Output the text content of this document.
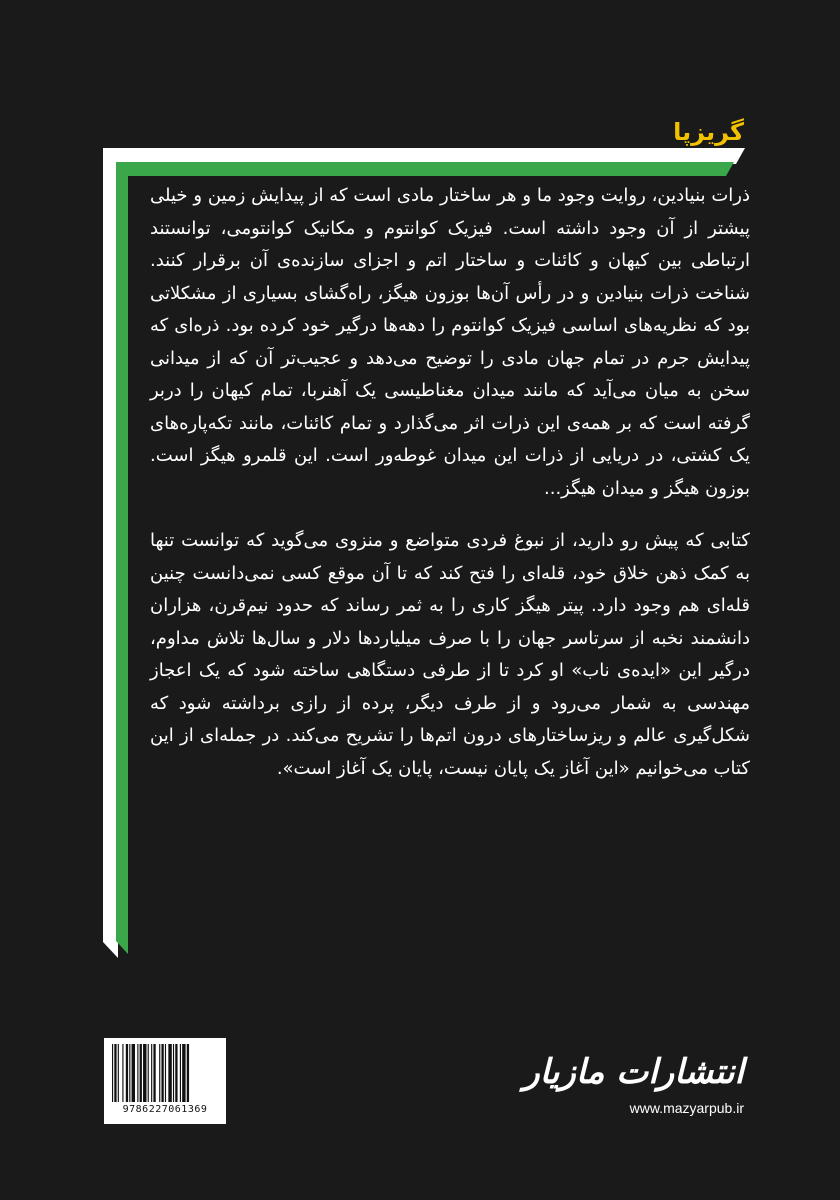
گریزپا

ذرات بنیادین، روایت وجود ما و هر ساختار مادی است که از پیدایش زمین و خیلی پیشتر از آن وجود داشته است. فیزیک کوانتوم و مکانیک کوانتومی، توانستند ارتباطی بین کیهان و کائنات و ساختار اتم و اجزای سازنده‌ی آن برقرار کنند. شناخت ذرات بنیادین و در رأس آن‌ها بوزون هیگز، راه‌گشای بسیاری از مشکلاتی بود که نظریه‌های اساسی فیزیک کوانتوم را دهه‌ها درگیر خود کرده بود. ذره‌ای که پیدایش جرم در تمام جهان مادی را توضیح می‌دهد و عجیب‌تر آن که از میدانی سخن به میان می‌آید که مانند میدان مغناطیسی یک آهنربا، تمام کیهان را دربر گرفته است که بر همه‌ی این ذرات اثر می‌گذارد و تمام کائنات، مانند تکه‌پاره‌های یک کشتی، در دریایی از ذرات این میدان غوطه‌ور است. این قلمرو هیگز است. بوزون هیگز و میدان هیگز...

کتابی که پیش رو دارید، از نبوغ فردی متواضع و منزوی می‌گوید که توانست تنها به کمک ذهن خلاق خود، قله‌ای را فتح کند که تا آن موقع کسی نمی‌دانست چنین قله‌ای هم وجود دارد. پیتر هیگز کاری را به ثمر رساند که حدود نیم‌قرن، هزاران دانشمند نخبه از سرتاسر جهان را با صرف میلیاردها دلار و سال‌ها تلاش مداوم، درگیر این «ایده‌ی ناب» او کرد تا از طرفی دستگاهی ساخته شود که یک اعجاز مهندسی به شمار می‌رود و از طرف دیگر، پرده از رازی برداشته شود که شکل‌گیری عالم و ریزساختارهای درون اتم‌ها را تشریح می‌کند. در جمله‌ای از این کتاب می‌خوانیم «این آغاز یک پایان نیست، پایان یک آغاز است».

9786227061369
انتشارات مازیار
www.mazyarpub.ir
